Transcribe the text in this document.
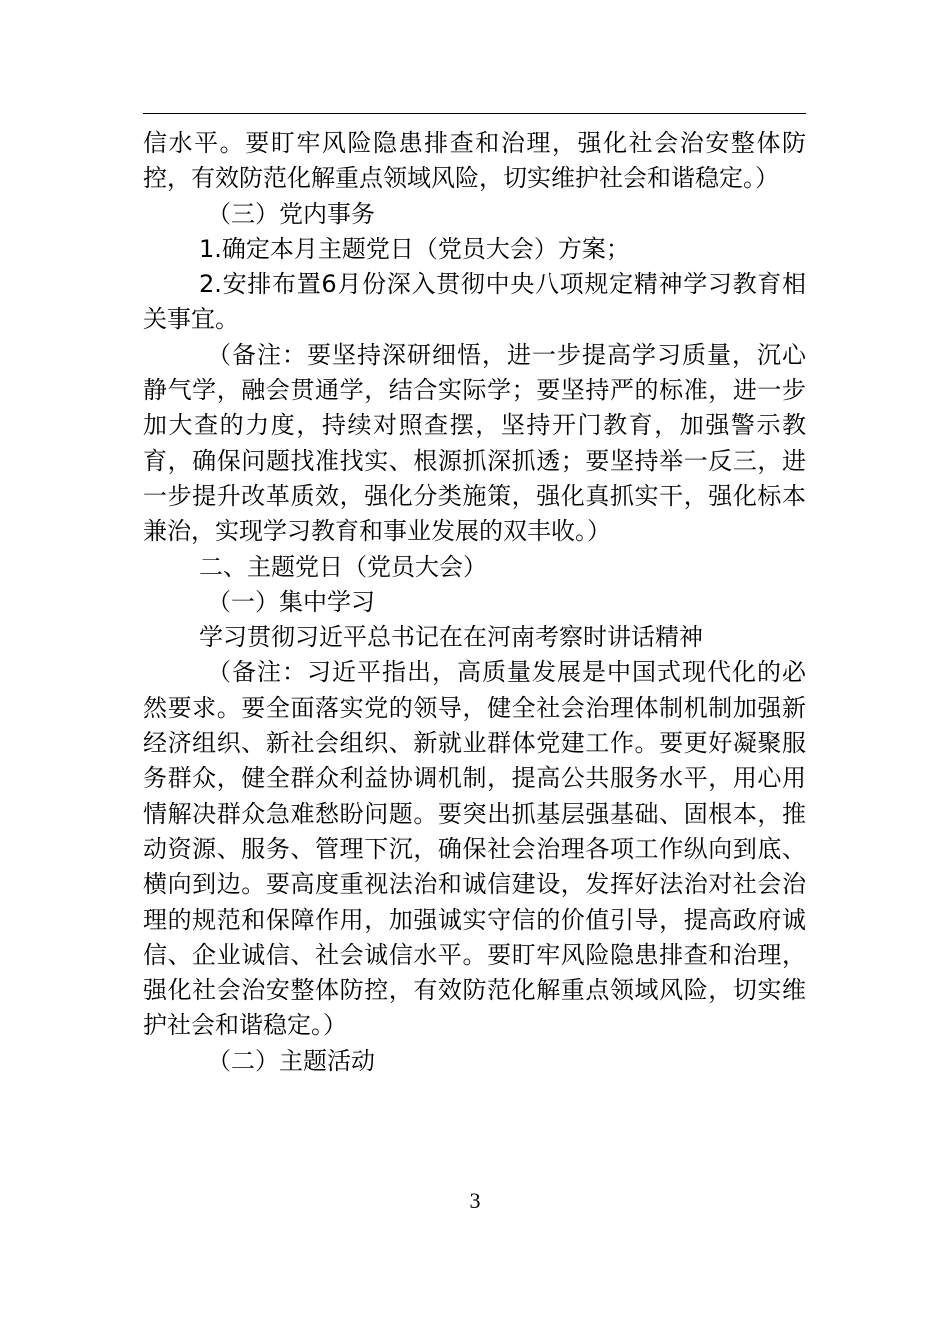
信水平。要盯牢风险隐患排查和治理，强化社会治安整体防控，有效防范化解重点领域风险，切实维护社会和谐稳定。）

（三）党内事务

1.确定本月主题党日（党员大会）方案；

2.安排布置6月份深入贯彻中央八项规定精神学习教育相关事宜。

（备注：要坚持深研细悟，进一步提高学习质量，沉心静气学，融会贯通学，结合实际学；要坚持严的标准，进一步加大查的力度，持续对照查摆，坚持开门教育，加强警示教育，确保问题找准找实、根源抓深抓透；要坚持举一反三，进一步提升改革质效，强化分类施策，强化真抓实干，强化标本兼治，实现学习教育和事业发展的双丰收。）

二、主题党日（党员大会）

（一）集中学习

学习贯彻习近平总书记在在河南考察时讲话精神

（备注：习近平指出，高质量发展是中国式现代化的必然要求。要全面落实党的领导，健全社会治理体制机制加强新经济组织、新社会组织、新就业群体党建工作。要更好凝聚服务群众，健全群众利益协调机制，提高公共服务水平，用心用情解决群众急难愁盼问题。要突出抓基层强基础、固根本，推动资源、服务、管理下沉，确保社会治理各项工作纵向到底、横向到边。要高度重视法治和诚信建设，发挥好法治对社会治理的规范和保障作用，加强诚实守信的价值引导，提高政府诚信、企业诚信、社会诚信水平。要盯牢风险隐患排查和治理，强化社会治安整体防控，有效防范化解重点领域风险，切实维护社会和谐稳定。）

（二）主题活动

3
